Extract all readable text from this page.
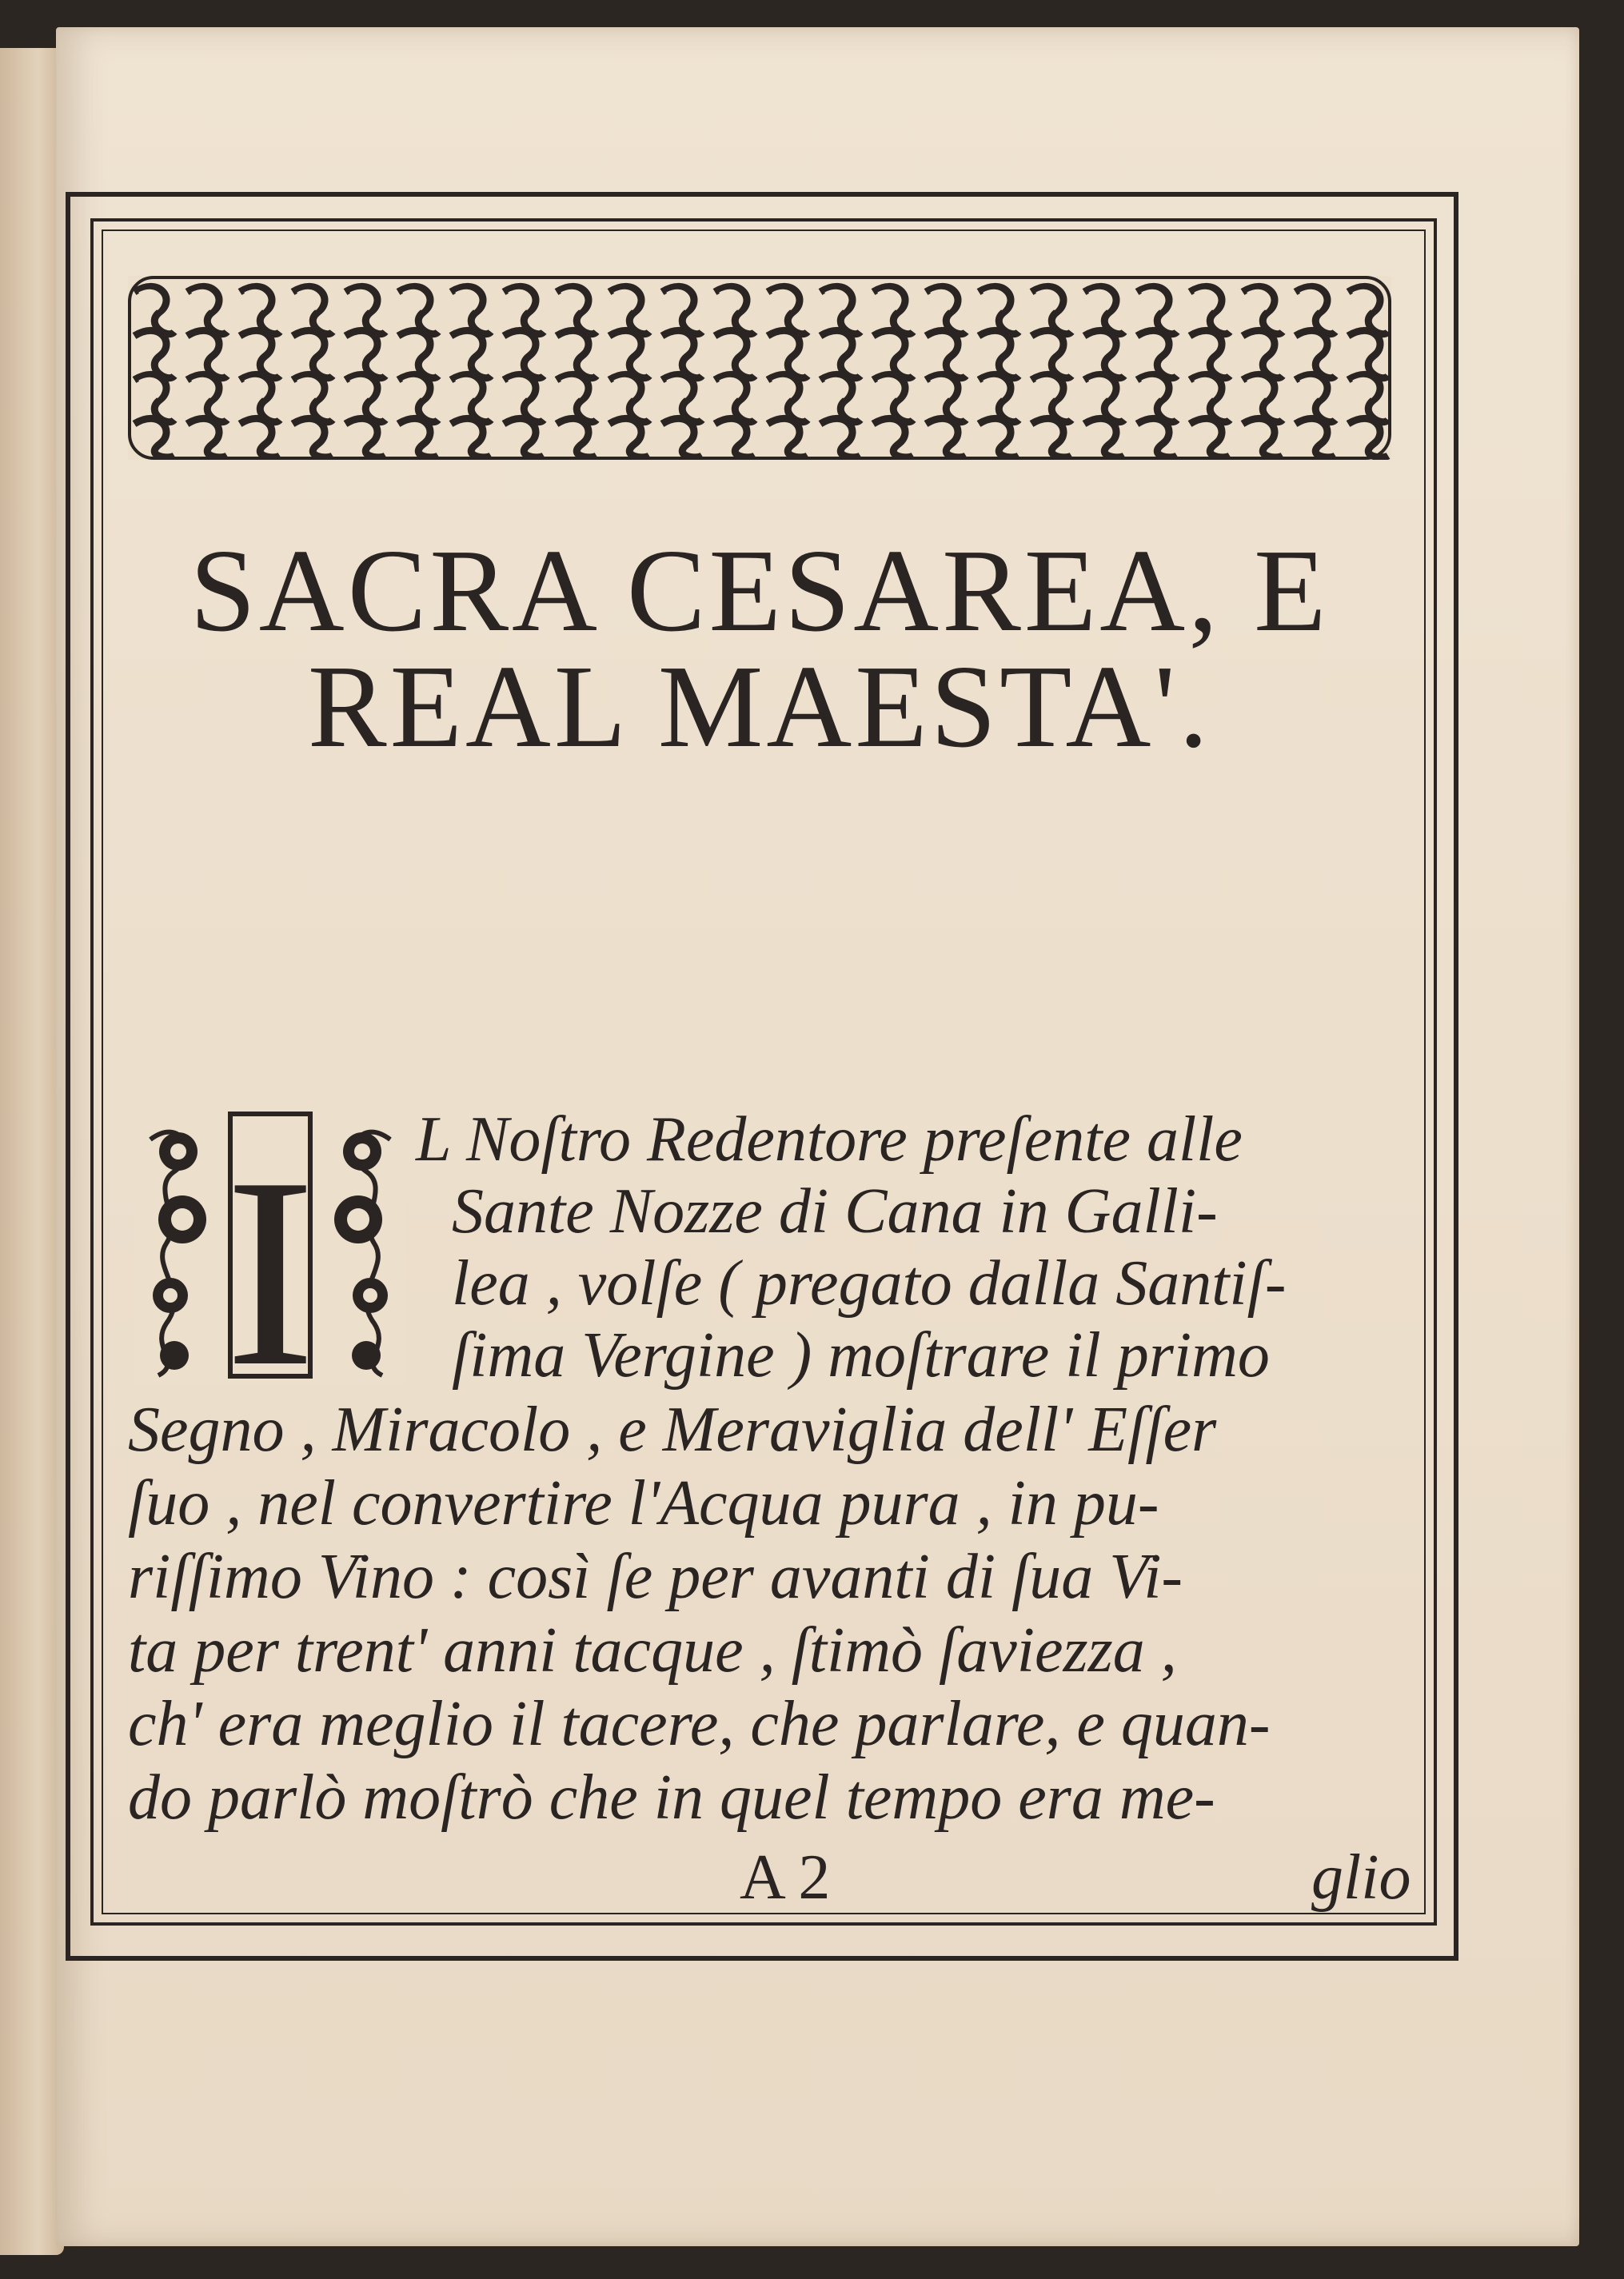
SACRA CESAREA, E
REAL MAESTA'.
I L Noſtro Redentore preſente alle
Sante Nozze di Cana in Galli-
lea , volſe ( pregato dalla Santiſ-
ſima Vergine ) moſtrare il primo
Segno , Miracolo , e Meraviglia dell' Eſſer
ſuo , nel convertire l'Acqua pura , in pu-
riſſimo Vino : così ſe per avanti di ſua Vi-
ta per trent' anni tacque , ſtimò ſaviezza ,
ch' era meglio il tacere, che parlare, e quan-
do parlò moſtrò che in quel tempo era me-
A 2	glio
